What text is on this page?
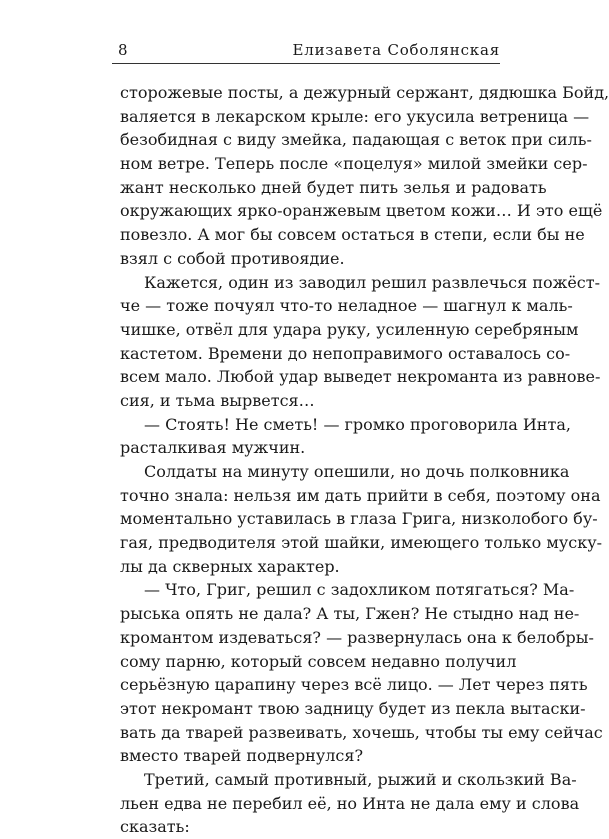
8	Елизавета Соболянская
сторожевые посты, а дежурный сержант, дядюшка Бойд,
валяется в лекарском крыле: его укусила ветреница —
безобидная с виду змейка, падающая с веток при силь-
ном ветре. Теперь после «поцелуя» милой змейки сер-
жант несколько дней будет пить зелья и радовать
окружающих ярко-оранжевым цветом кожи… И это ещё
повезло. А мог бы совсем остаться в степи, если бы не
взял с собой противоядие.
Кажется, один из заводил решил развлечься пожёст-
че — тоже почуял что-то неладное — шагнул к маль-
чишке, отвёл для удара руку, усиленную серебряным
кастетом. Времени до непоправимого оставалось со-
всем мало. Любой удар выведет некроманта из равнове-
сия, и тьма вырвется…
— Стоять! Не сметь! — громко проговорила Инта,
расталкивая мужчин.
Солдаты на минуту опешили, но дочь полковника
точно знала: нельзя им дать прийти в себя, поэтому она
моментально уставилась в глаза Грига, низколобого бу-
гая, предводителя этой шайки, имеющего только муску-
лы да скверных характер.
— Что, Григ, решил с задохликом потягаться? Ма-
рыська опять не дала? А ты, Гжен? Не стыдно над не-
кромантом издеваться? — развернулась она к белобры-
сому парню, который совсем недавно получил
серьёзную царапину через всё лицо. — Лет через пять
этот некромант твою задницу будет из пекла вытаски-
вать да тварей развеивать, хочешь, чтобы ты ему сейчас
вместо тварей подвернулся?
Третий, самый противный, рыжий и скользкий Ва-
льен едва не перебил её, но Инта не дала ему и слова
сказать:
